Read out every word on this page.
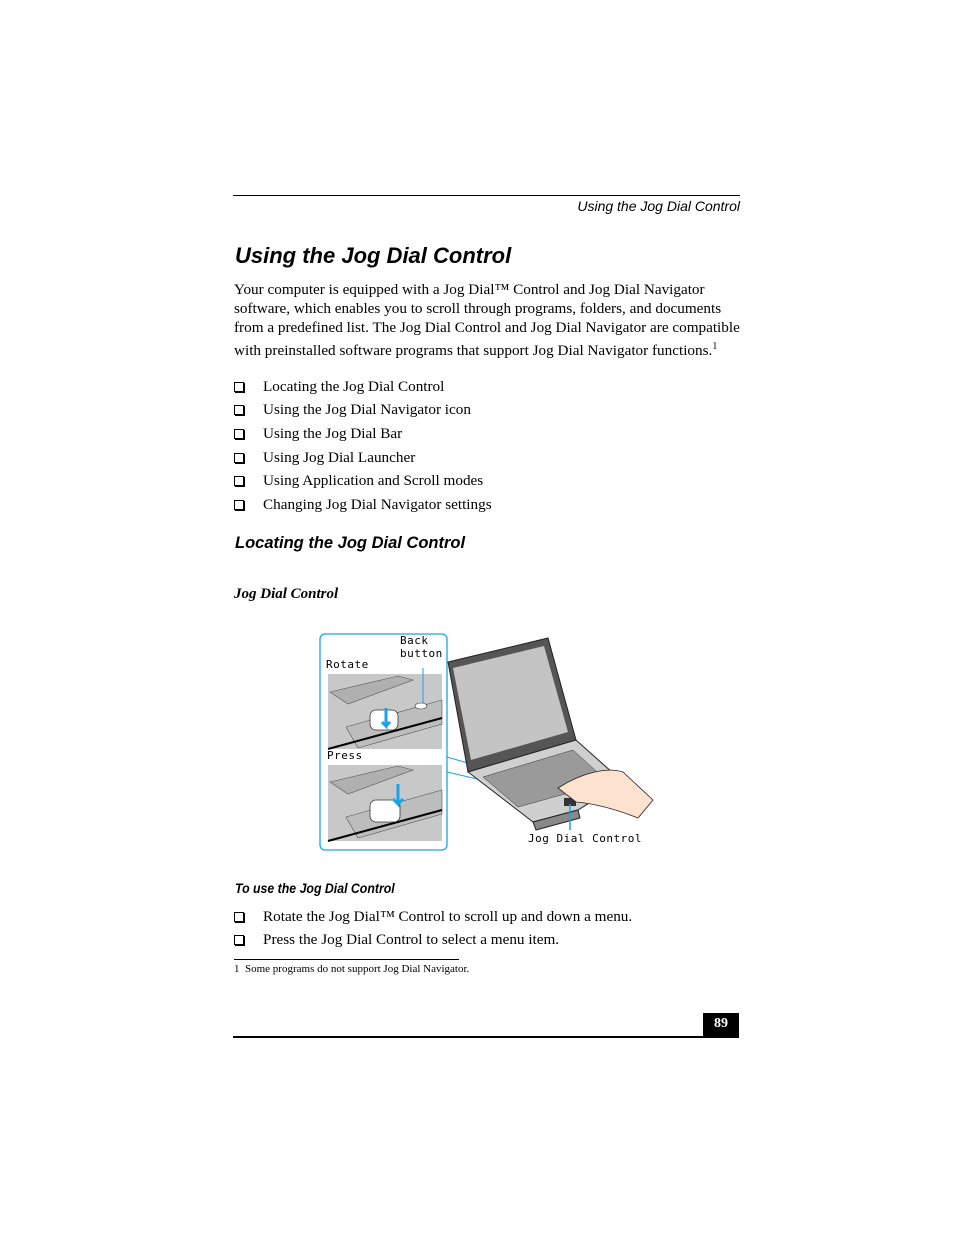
Using the Jog Dial Control
Using the Jog Dial Control
Your computer is equipped with a Jog Dial™ Control and Jog Dial Navigator software, which enables you to scroll through programs, folders, and documents from a predefined list. The Jog Dial Control and Jog Dial Navigator are compatible with preinstalled software programs that support Jog Dial Navigator functions.$^1$
Locating the Jog Dial Control
Using the Jog Dial Navigator icon
Using the Jog Dial Bar
Using Jog Dial Launcher
Using Application and Scroll modes
Changing Jog Dial Navigator settings
Locating the Jog Dial Control
Jog Dial Control
Back
button
Rotate
Press
Jog Dial Control
To use the Jog Dial Control
Rotate the Jog Dial™ Control to scroll up and down a menu.
Press the Jog Dial Control to select a menu item.
1 Some programs do not support Jog Dial Navigator.
89
